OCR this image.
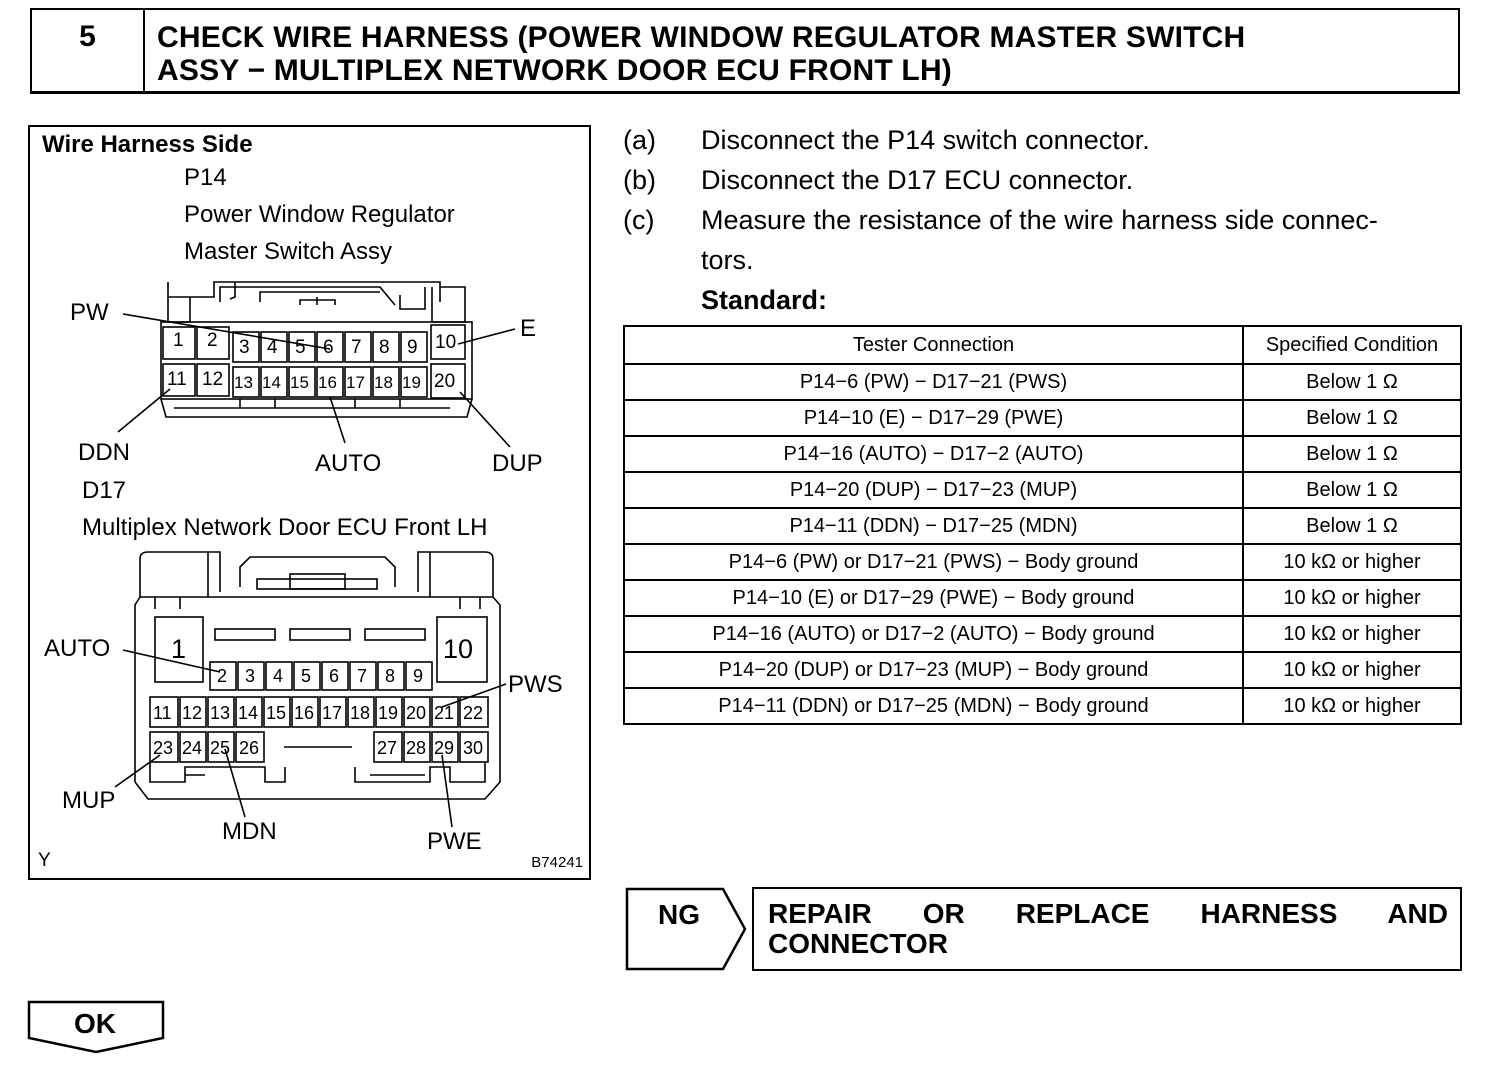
5	CHECK WIRE HARNESS (POWER WINDOW REGULATOR MASTER SWITCH
ASSY − MULTIPLEX NETWORK DOOR ECU FRONT LH)
Wire Harness Side
P14
Power Window Regulator
Master Switch Assy
1 2 3 4 5 6 7 8 9 10
11 12 13 14 15 16 17 18 19 20
PW
E
DDN	AUTO	DUP
D17
Multiplex Network Door ECU Front LH
1	10
2 3 4 5 6 7 8 9
11 12 13 14 15 16 17 18 19 20 21 22
23 24 25 26	27 28 29 30
AUTO
PWS
MUP
MDN	PWE
Y	B74241
(a)	Disconnect the P14 switch connector.
(b)	Disconnect the D17 ECU connector.
(c)	Measure the resistance of the wire harness side connec-
tors.
Standard:
Tester Connection	Specified Condition
P14−6 (PW) − D17−21 (PWS)	Below 1 Ω
P14−10 (E) − D17−29 (PWE)	Below 1 Ω
P14−16 (AUTO) − D17−2 (AUTO)	Below 1 Ω
P14−20 (DUP) − D17−23 (MUP)	Below 1 Ω
P14−11 (DDN) − D17−25 (MDN)	Below 1 Ω
P14−6 (PW) or D17−21 (PWS) − Body ground	10 kΩ or higher
P14−10 (E) or D17−29 (PWE) − Body ground	10 kΩ or higher
P14−16 (AUTO) or D17−2 (AUTO) − Body ground	10 kΩ or higher
P14−20 (DUP) or D17−23 (MUP) − Body ground	10 kΩ or higher
P14−11 (DDN) or D17−25 (MDN) − Body ground	10 kΩ or higher
NG REPAIR OR REPLACE HARNESS AND
CONNECTOR
OK
